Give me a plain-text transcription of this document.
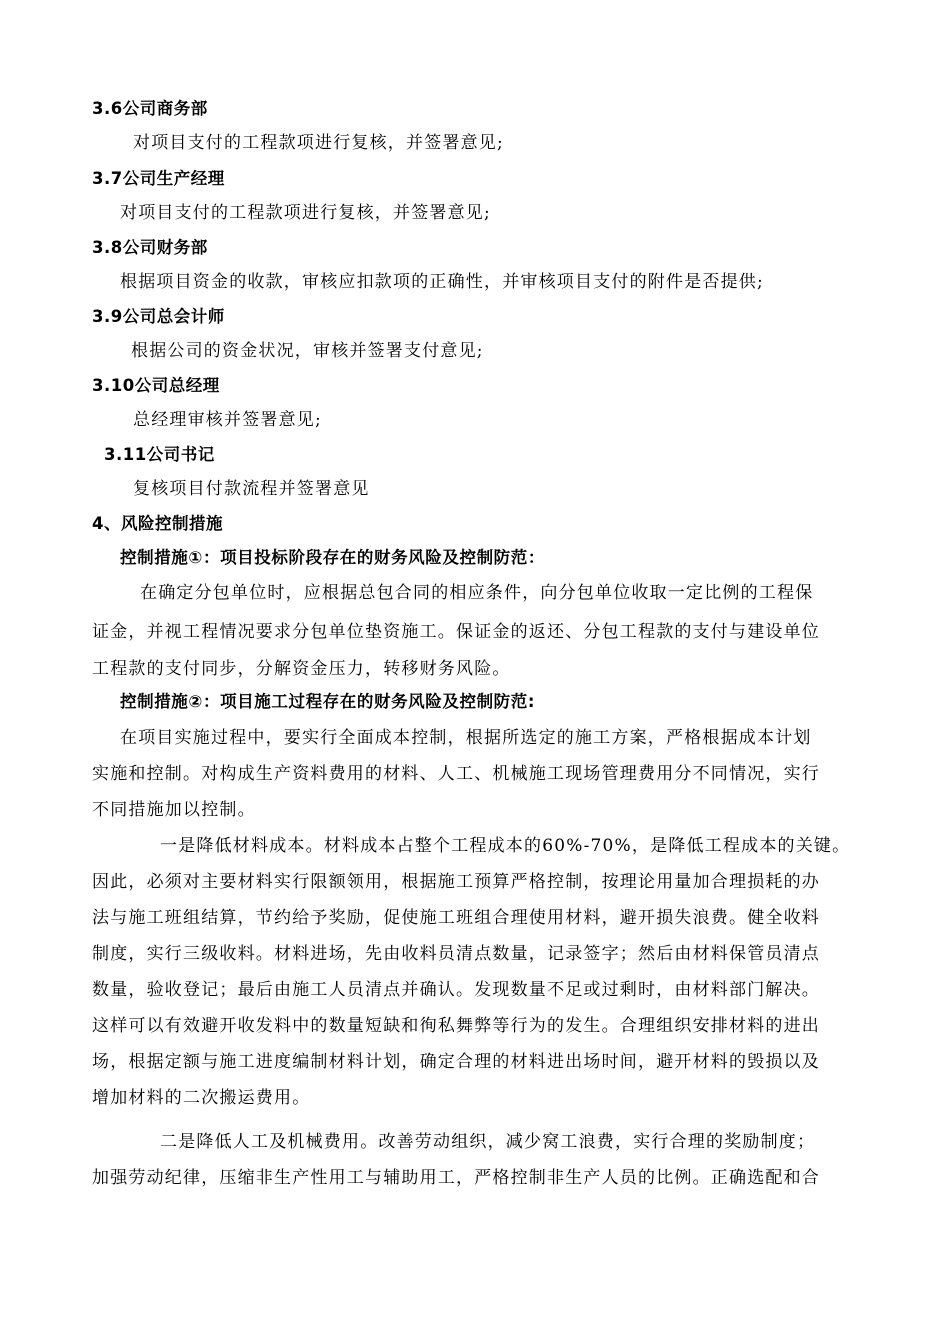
3.6公司商务部
对项目支付的工程款项进行复核，并签署意见;
3.7公司生产经理
对项目支付的工程款项进行复核，并签署意见;
3.8公司财务部
根据项目资金的收款，审核应扣款项的正确性，并审核项目支付的附件是否提供;
3.9公司总会计师
根据公司的资金状况，审核并签署支付意见;
3.10公司总经理
总经理审核并签署意见;
3.11公司书记
复核项目付款流程并签署意见
4、风险控制措施
控制措施①：项目投标阶段存在的财务风险及控制防范：
在确定分包单位时，应根据总包合同的相应条件，向分包单位收取一定比例的工程保
证金，并视工程情况要求分包单位垫资施工。保证金的返还、分包工程款的支付与建设单位
工程款的支付同步，分解资金压力，转移财务风险。
控制措施②：项目施工过程存在的财务风险及控制防范:
在项目实施过程中，要实行全面成本控制，根据所选定的施工方案，严格根据成本计划
实施和控制。对构成生产资料费用的材料、人工、机械施工现场管理费用分不同情况，实行
不同措施加以控制。
一是降低材料成本。材料成本占整个工程成本的60%-70%，是降低工程成本的关键。
因此，必须对主要材料实行限额领用，根据施工预算严格控制，按理论用量加合理损耗的办
法与施工班组结算，节约给予奖励，促使施工班组合理使用材料，避开损失浪费。健全收料
制度，实行三级收料。材料进场，先由收料员清点数量，记录签字；然后由材料保管员清点
数量，验收登记；最后由施工人员清点并确认。发现数量不足或过剩时，由材料部门解决。
这样可以有效避开收发料中的数量短缺和徇私舞弊等行为的发生。合理组织安排材料的进出
场，根据定额与施工进度编制材料计划，确定合理的材料进出场时间，避开材料的毁损以及
增加材料的二次搬运费用。
二是降低人工及机械费用。改善劳动组织，减少窝工浪费，实行合理的奖励制度；
加强劳动纪律，压缩非生产性用工与辅助用工，严格控制非生产人员的比例。正确选配和合
